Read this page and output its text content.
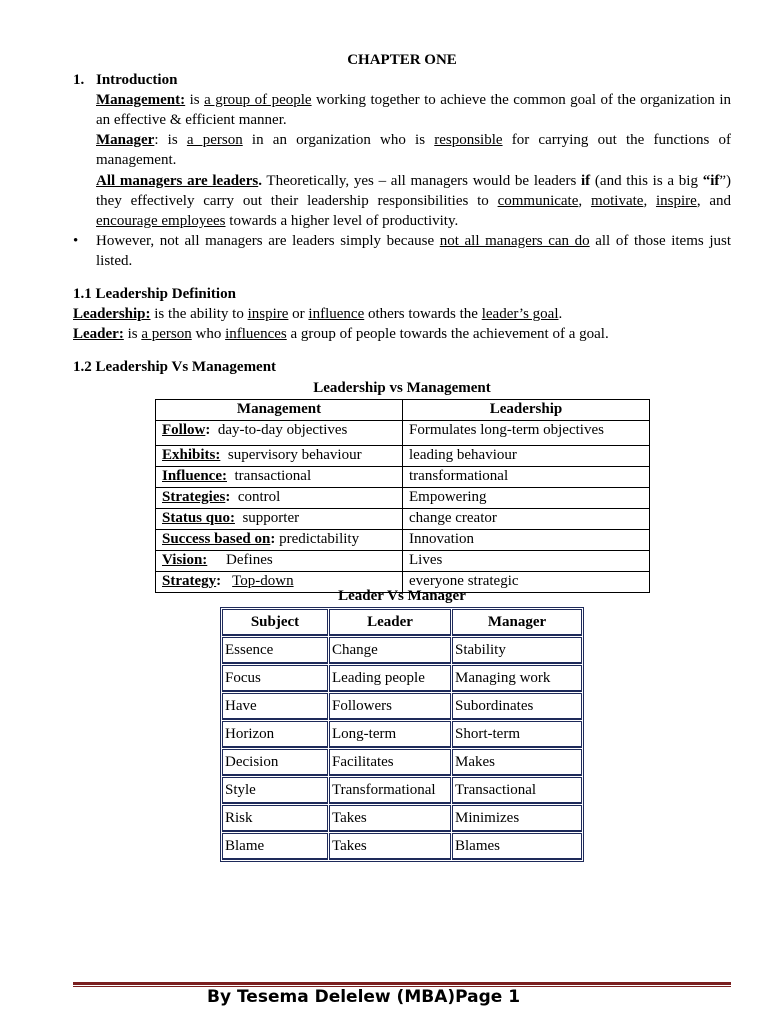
CHAPTER ONE
1. Introduction
Management: is a group of people working together to achieve the common goal of the organization in an effective & efficient manner.
Manager: is a person in an organization who is responsible for carrying out the functions of management.
All managers are leaders. Theoretically, yes – all managers would be leaders if (and this is a big “if”) they effectively carry out their leadership responsibilities to communicate, motivate, inspire, and encourage employees towards a higher level of productivity.
• However, not all managers are leaders simply because not all managers can do all of those items just listed.
1.1 Leadership Definition
Leadership: is the ability to inspire or influence others towards the leader’s goal.
Leader: is a person who influences a group of people towards the achievement of a goal.
1.2 Leadership Vs Management
Leadership vs Management
Management	Leadership
Follow:  day-to-day objectives	Formulates long-term objectives
Exhibits:  supervisory behaviour	leading behaviour
Influence:  transactional	transformational
Strategies:  control	Empowering
Status quo:  supporter	change creator
Success based on: predictability	Innovation
Vision:     Defines	Lives
Strategy: Top-down	everyone strategic
Leader Vs Manager
Subject	Leader	Manager
Essence	Change	Stability
Focus	Leading people	Managing work
Have	Followers	Subordinates
Horizon	Long-term	Short-term
Decision	Facilitates	Makes
Style	Transformational	Transactional
Risk	Takes	Minimizes
Blame	Takes	Blames
By Tesema Delelew (MBA)Page 1
